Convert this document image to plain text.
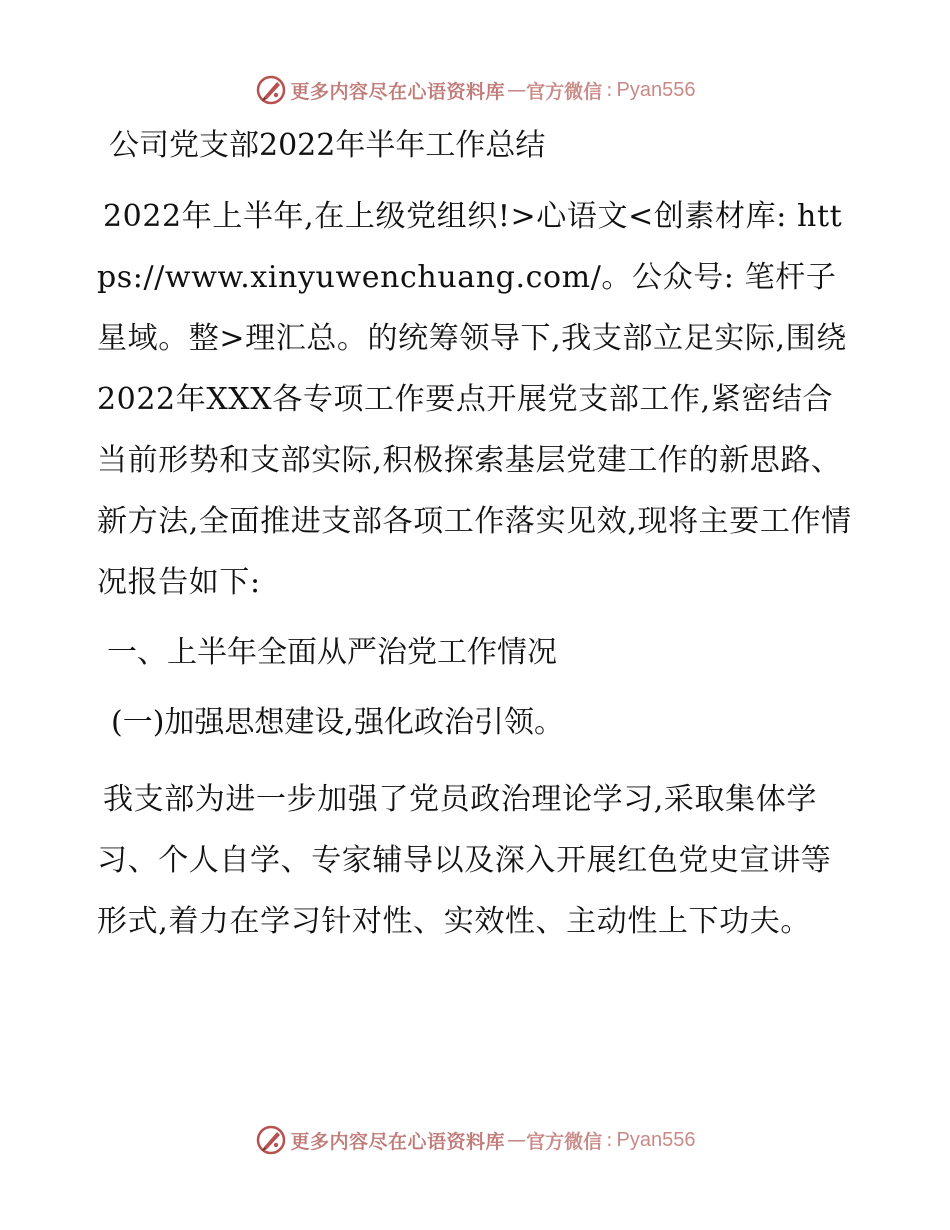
更多内容尽在心语资料库 — 官方微信 : Pyan556
公司党支部2022年半年工作总结
2022年上半年,在上级党组织!>心语文<创素材库: https://www.xinyuwenchuang.com/。公众号: 笔杆子星域。整>理汇总。的统筹领导下,我支部立足实际,围绕2022年XXX各专项工作要点开展党支部工作,紧密结合当前形势和支部实际,积极探索基层党建工作的新思路、新方法,全面推进支部各项工作落实见效,现将主要工作情况报告如下:
一、上半年全面从严治党工作情况
(一)加强思想建设,强化政治引领。
我支部为进一步加强了党员政治理论学习,采取集体学习、个人自学、专家辅导以及深入开展红色党史宣讲等形式,着力在学习针对性、实效性、主动性上下功夫。
更多内容尽在心语资料库 — 官方微信 : Pyan556
